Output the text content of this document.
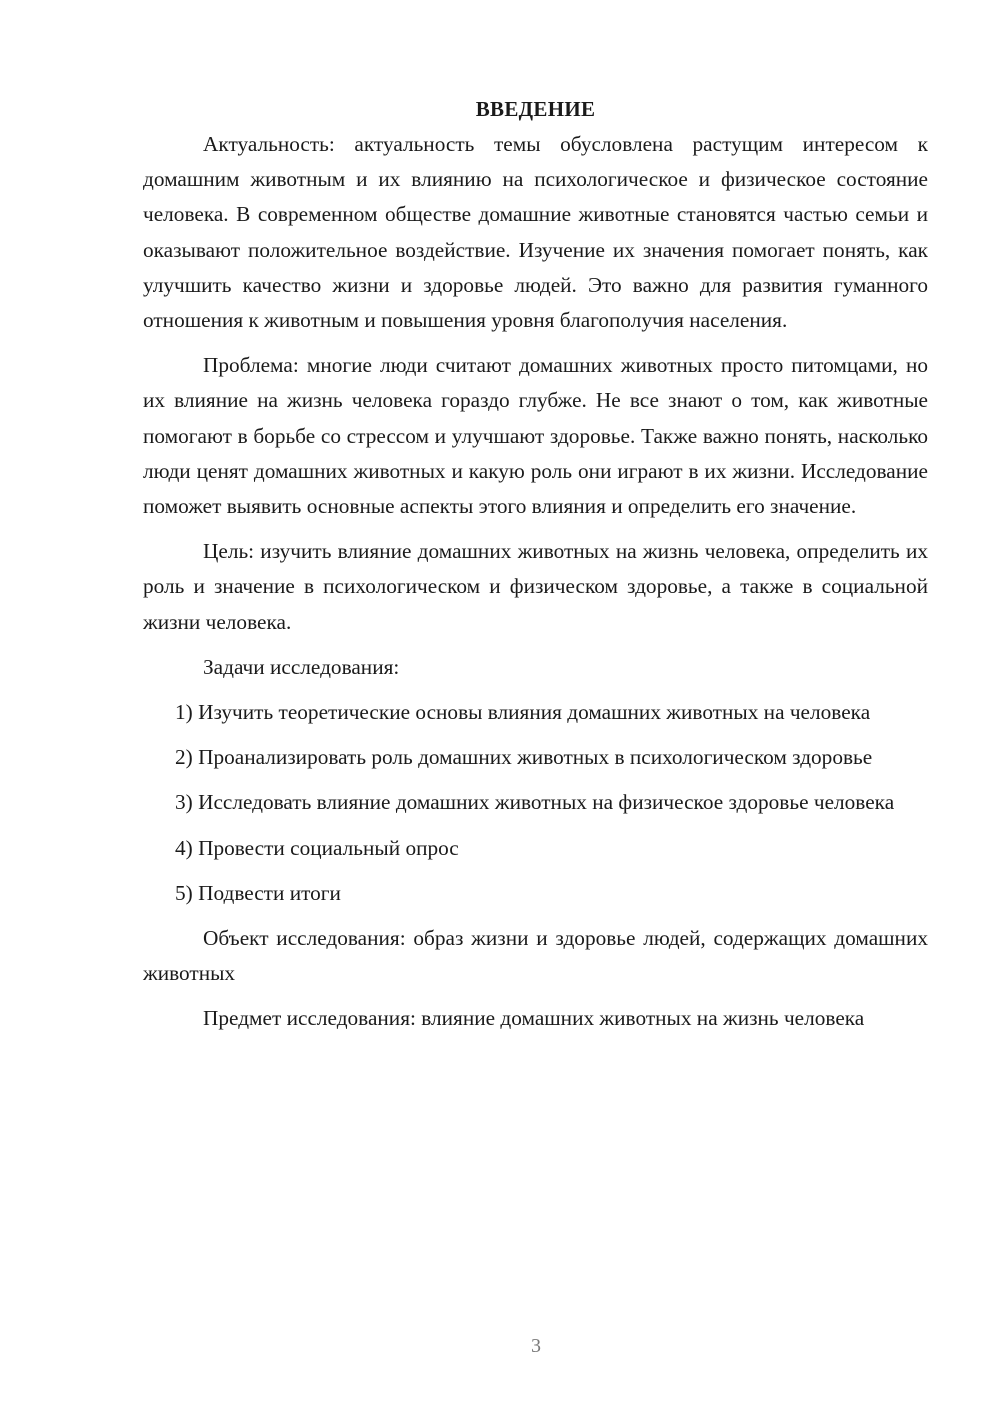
ВВЕДЕНИЕ

Актуальность: актуальность темы обусловлена растущим интересом к домашним животным и их влиянию на психологическое и физическое состояние человека. В современном обществе домашние животные становятся частью семьи и оказывают положительное воздействие. Изучение их значения помогает понять, как улучшить качество жизни и здоровье людей. Это важно для развития гуманного отношения к животным и повышения уровня благополучия населения.

Проблема: многие люди считают домашних животных просто питомцами, но их влияние на жизнь человека гораздо глубже. Не все знают о том, как животные помогают в борьбе со стрессом и улучшают здоровье. Также важно понять, насколько люди ценят домашних животных и какую роль они играют в их жизни. Исследование поможет выявить основные аспекты этого влияния и определить его значение.

Цель: изучить влияние домашних животных на жизнь человека, определить их роль и значение в психологическом и физическом здоровье, а также в социальной жизни человека.

Задачи исследования:

1) Изучить теоретические основы влияния домашних животных на человека

2) Проанализировать роль домашних животных в психологическом здоровье

3) Исследовать влияние домашних животных на физическое здоровье человека

4) Провести социальный опрос

5) Подвести итоги

Объект исследования: образ жизни и здоровье людей, содержащих домашних животных

Предмет исследования: влияние домашних животных на жизнь человека

3
